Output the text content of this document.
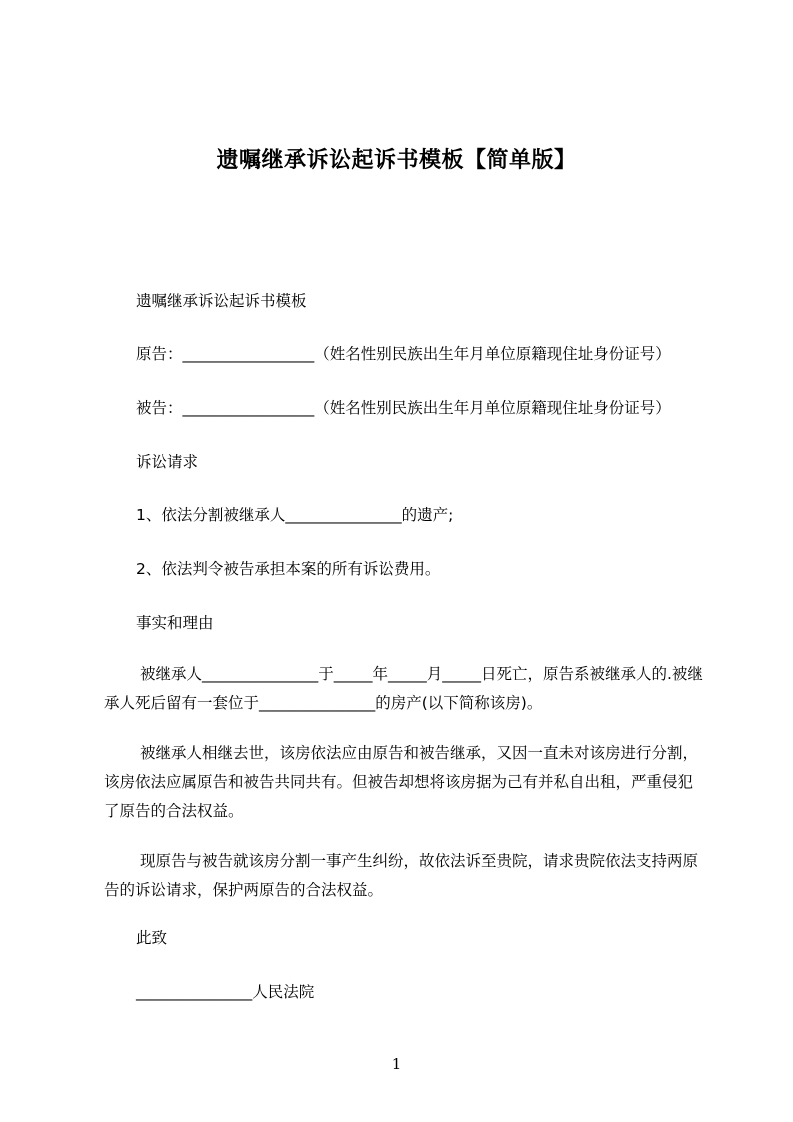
遗嘱继承诉讼起诉书模板【简单版】
遗嘱继承诉讼起诉书模板
原告：_________________（姓名性别民族出生年月单位原籍现住址身份证号）
被告：_________________（姓名性别民族出生年月单位原籍现住址身份证号）
诉讼请求
1、依法分割被继承人_______________的遗产;
2、依法判令被告承担本案的所有诉讼费用。
事实和理由
被继承人_______________于_____年_____月_____日死亡，原告系被继承人的.被继承人死后留有一套位于_______________的房产(以下简称该房)。
被继承人相继去世，该房依法应由原告和被告继承，又因一直未对该房进行分割，该房依法应属原告和被告共同共有。但被告却想将该房据为己有并私自出租，严重侵犯了原告的合法权益。
现原告与被告就该房分割一事产生纠纷，故依法诉至贵院，请求贵院依法支持两原告的诉讼请求，保护两原告的合法权益。
此致
_______________人民法院
1
